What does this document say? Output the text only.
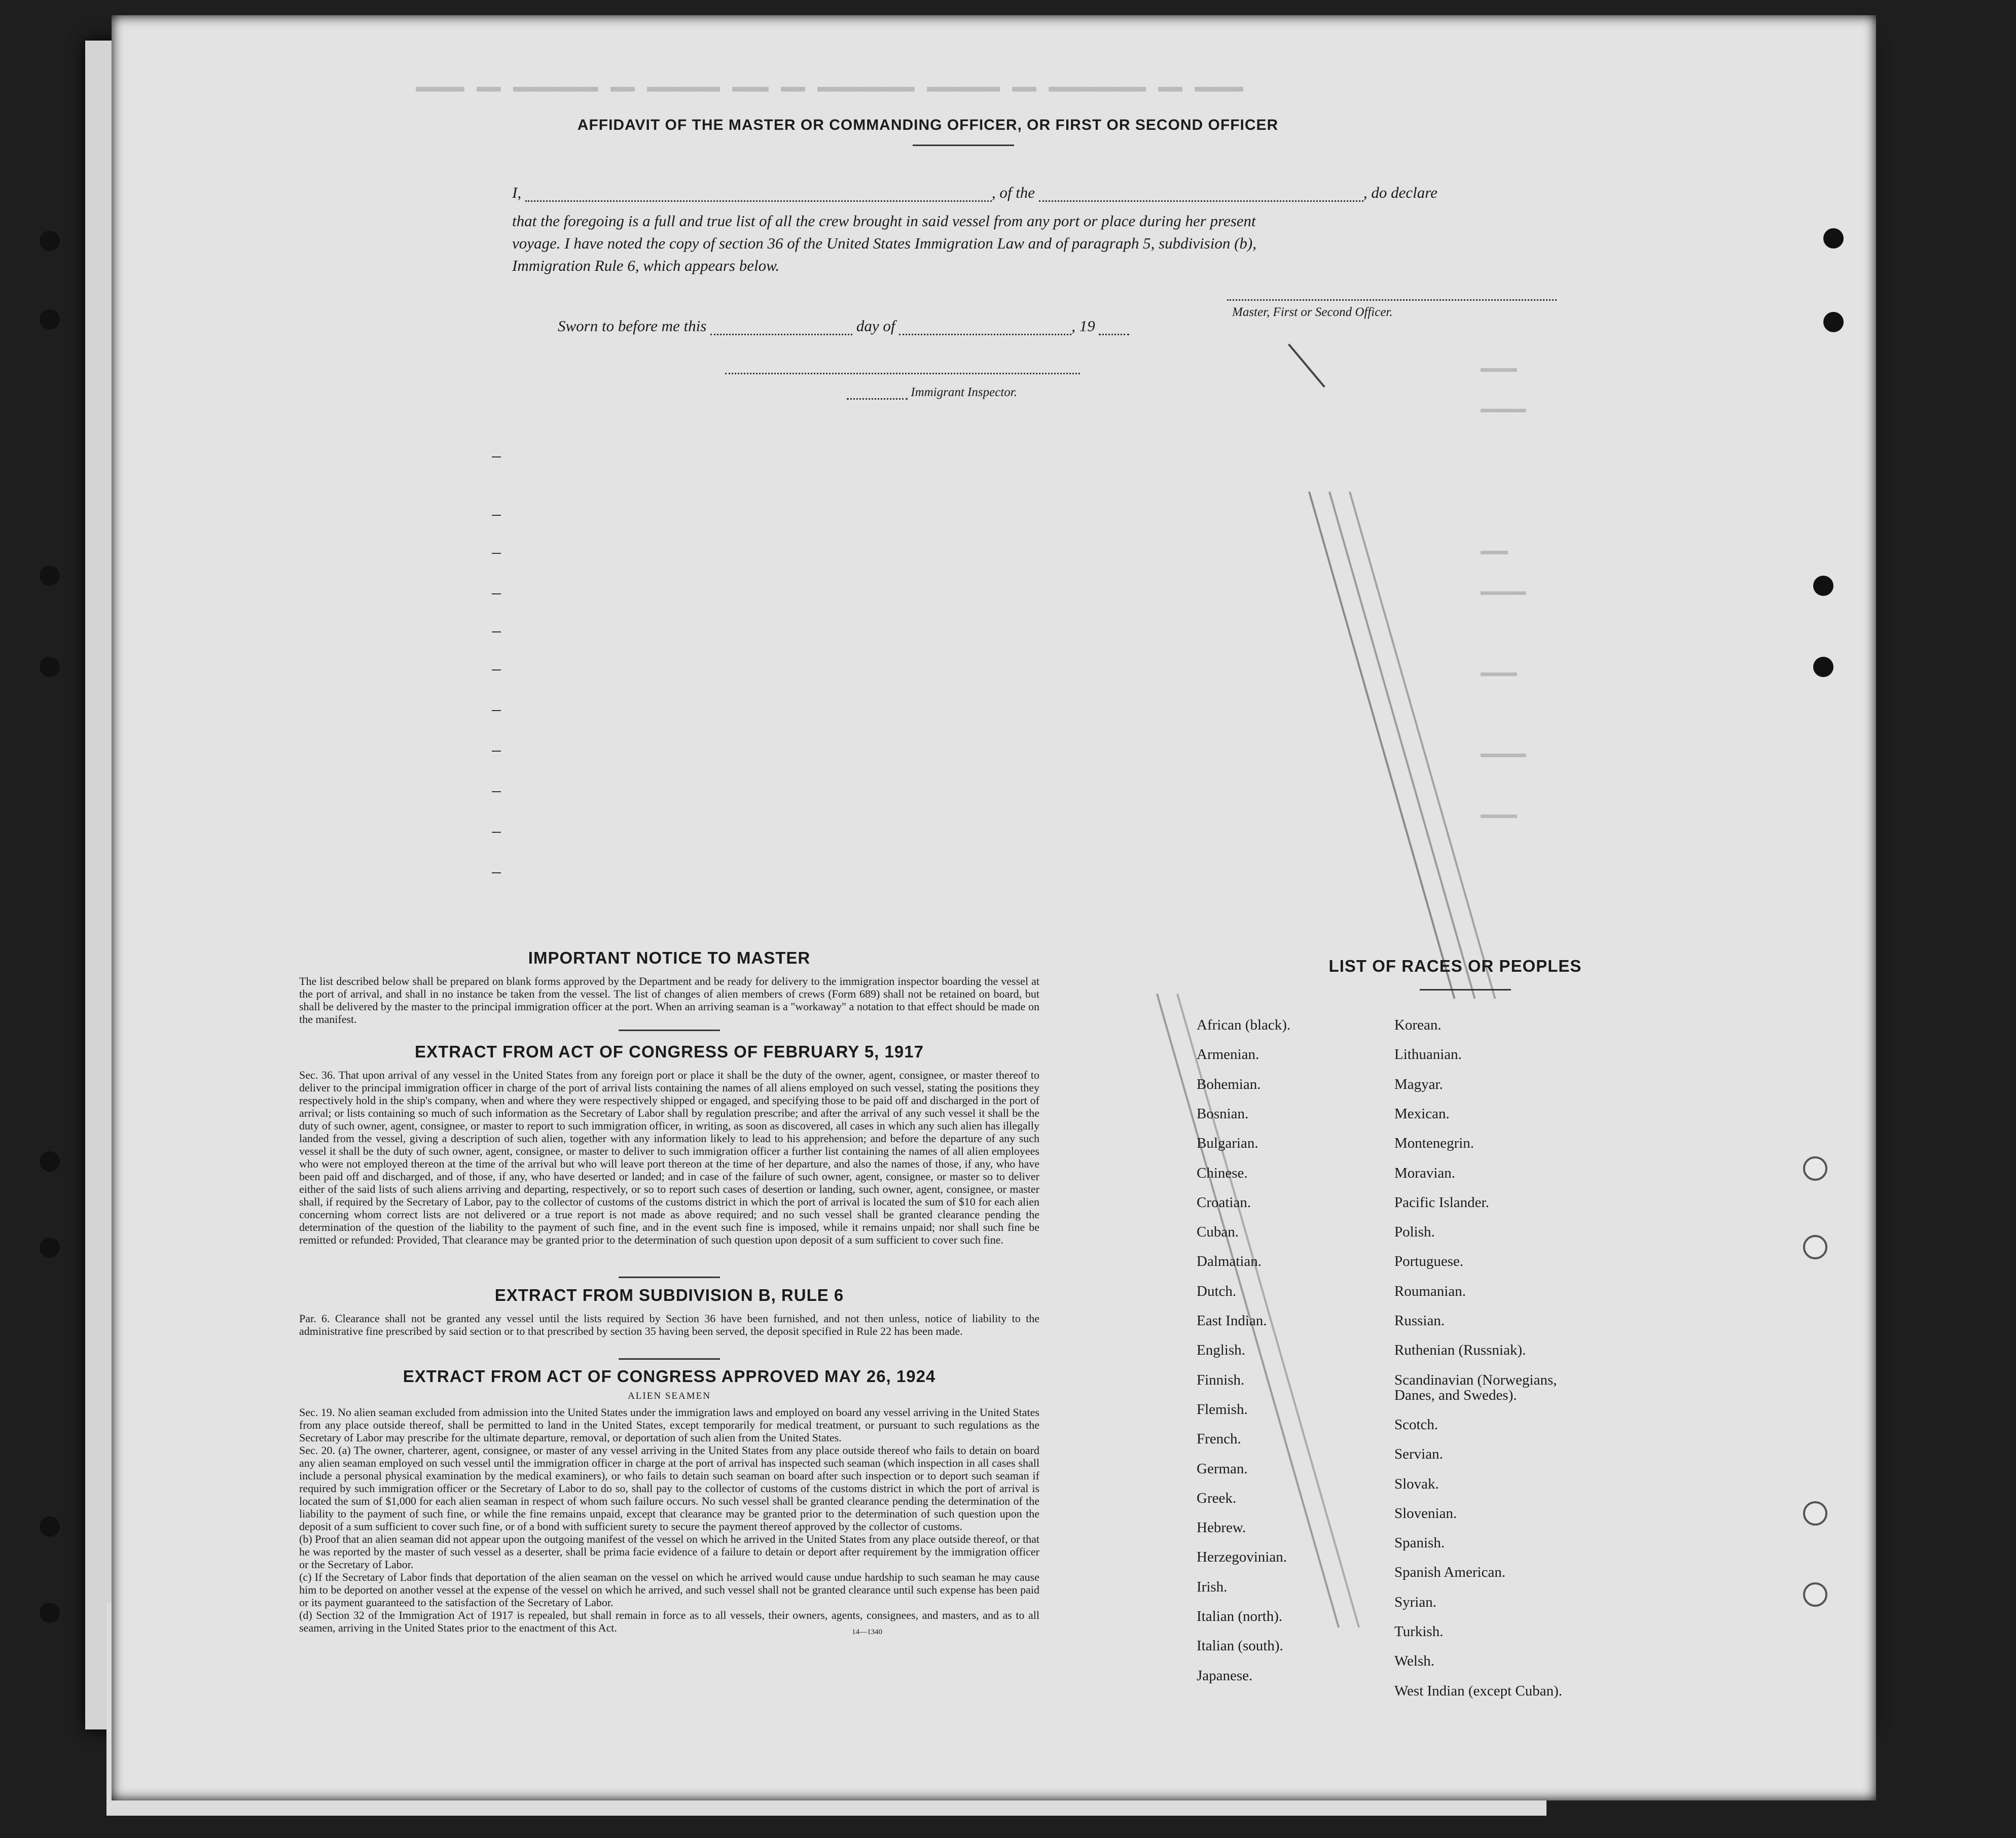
▬▬▬▬ ▬▬ ▬▬▬▬▬▬▬▬ ▬▬ ▬▬▬▬▬▬ ▬▬▬▬▬▬▬▬ ▬▬ ▬▬▬ ▬▬▬▬▬▬ ▬▬ ▬▬▬▬▬▬▬ ▬▬ ▬▬▬▬
▬▬▬▬
▬▬▬▬▬
▬▬▬
▬▬▬▬▬
▬▬▬▬
▬▬▬▬▬
▬▬▬▬
AFFIDAVIT OF THE MASTER OR COMMANDING OFFICER, OR FIRST OR SECOND OFFICER
I,	, of the	, do declare
that the foregoing is a full and true list of all the crew brought in said vessel from any port or place during her present
voyage. I have noted the copy of section 36 of the United States Immigration Law and of paragraph 5, subdivision (b),
Immigration Rule 6, which appears below.
Master, First or Second Officer.
Sworn to before me this	day of	, 19
Immigrant Inspector.
IMPORTANT NOTICE TO MASTER
The list described below shall be prepared on blank forms approved by the Department and be ready for delivery to the immigration inspector boarding the vessel at the port of arrival, and shall in no instance be taken from the vessel. The list of changes of alien members of crews (Form 689) shall not be retained on board, but shall be delivered by the master to the principal immigration officer at the port. When an arriving seaman is a "workaway" a notation to that effect should be made on the manifest.
EXTRACT FROM ACT OF CONGRESS OF FEBRUARY 5, 1917
Sec. 36. That upon arrival of any vessel in the United States from any foreign port or place it shall be the duty of the owner, agent, consignee, or master thereof to deliver to the principal immigration officer in charge of the port of arrival lists containing the names of all aliens employed on such vessel, stating the positions they respectively hold in the ship's company, when and where they were respectively shipped or engaged, and specifying those to be paid off and discharged in the port of arrival; or lists containing so much of such information as the Secretary of Labor shall by regulation prescribe; and after the arrival of any such vessel it shall be the duty of such owner, agent, consignee, or master to report to such immigration officer, in writing, as soon as discovered, all cases in which any such alien has illegally landed from the vessel, giving a description of such alien, together with any information likely to lead to his apprehension; and before the departure of any such vessel it shall be the duty of such owner, agent, consignee, or master to deliver to such immigration officer a further list containing the names of all alien employees who were not employed thereon at the time of the arrival but who will leave port thereon at the time of her departure, and also the names of those, if any, who have been paid off and discharged, and of those, if any, who have deserted or landed; and in case of the failure of such owner, agent, consignee, or master so to deliver either of the said lists of such aliens arriving and departing, respectively, or so to report such cases of desertion or landing, such owner, agent, consignee, or master shall, if required by the Secretary of Labor, pay to the collector of customs of the customs district in which the port of arrival is located the sum of $10 for each alien concerning whom correct lists are not delivered or a true report is not made as above required; and no such vessel shall be granted clearance pending the determination of the question of the liability to the payment of such fine, and in the event such fine is imposed, while it remains unpaid; nor shall such fine be remitted or refunded: Provided, That clearance may be granted prior to the determination of such question upon deposit of a sum sufficient to cover such fine.
EXTRACT FROM SUBDIVISION B, RULE 6
Par. 6. Clearance shall not be granted any vessel until the lists required by Section 36 have been furnished, and not then unless, notice of liability to the administrative fine prescribed by said section or to that prescribed by section 35 having been served, the deposit specified in Rule 22 has been made.
EXTRACT FROM ACT OF CONGRESS APPROVED MAY 26, 1924
ALIEN SEAMEN
Sec. 19. No alien seaman excluded from admission into the United States under the immigration laws and employed on board any vessel arriving in the United States from any place outside thereof, shall be permitted to land in the United States, except temporarily for medical treatment, or pursuant to such regulations as the Secretary of Labor may prescribe for the ultimate departure, removal, or deportation of such alien from the United States.
Sec. 20. (a) The owner, charterer, agent, consignee, or master of any vessel arriving in the United States from any place outside thereof who fails to detain on board any alien seaman employed on such vessel until the immigration officer in charge at the port of arrival has inspected such seaman (which inspection in all cases shall include a personal physical examination by the medical examiners), or who fails to detain such seaman on board after such inspection or to deport such seaman if required by such immigration officer or the Secretary of Labor to do so, shall pay to the collector of customs of the customs district in which the port of arrival is located the sum of $1,000 for each alien seaman in respect of whom such failure occurs. No such vessel shall be granted clearance pending the determination of the liability to the payment of such fine, or while the fine remains unpaid, except that clearance may be granted prior to the determination of such question upon the deposit of a sum sufficient to cover such fine, or of a bond with sufficient surety to secure the payment thereof approved by the collector of customs.
(b) Proof that an alien seaman did not appear upon the outgoing manifest of the vessel on which he arrived in the United States from any place outside thereof, or that he was reported by the master of such vessel as a deserter, shall be prima facie evidence of a failure to detain or deport after requirement by the immigration officer or the Secretary of Labor.
(c) If the Secretary of Labor finds that deportation of the alien seaman on the vessel on which he arrived would cause undue hardship to such seaman he may cause him to be deported on another vessel at the expense of the vessel on which he arrived, and such vessel shall not be granted clearance until such expense has been paid or its payment guaranteed to the satisfaction of the Secretary of Labor.
(d) Section 32 of the Immigration Act of 1917 is repealed, but shall remain in force as to all vessels, their owners, agents, consignees, and masters, and as to all seamen, arriving in the United States prior to the enactment of this Act.	14—1340
LIST OF RACES OR PEOPLES
African (black).
Armenian.
Bohemian.
Bosnian.
Bulgarian.
Chinese.
Croatian.
Cuban.
Dalmatian.
Dutch.
East Indian.
English.
Finnish.
Flemish.
French.
German.
Greek.
Hebrew.
Herzegovinian.
Irish.
Italian (north).
Italian (south).
Japanese.
Korean.
Lithuanian.
Magyar.
Mexican.
Montenegrin.
Moravian.
Pacific Islander.
Polish.
Portuguese.
Roumanian.
Russian.
Ruthenian (Russniak).
Scandinavian (Norwegians,
Danes, and Swedes).
Scotch.
Servian.
Slovak.
Slovenian.
Spanish.
Spanish American.
Syrian.
Turkish.
Welsh.
West Indian (except Cuban).
